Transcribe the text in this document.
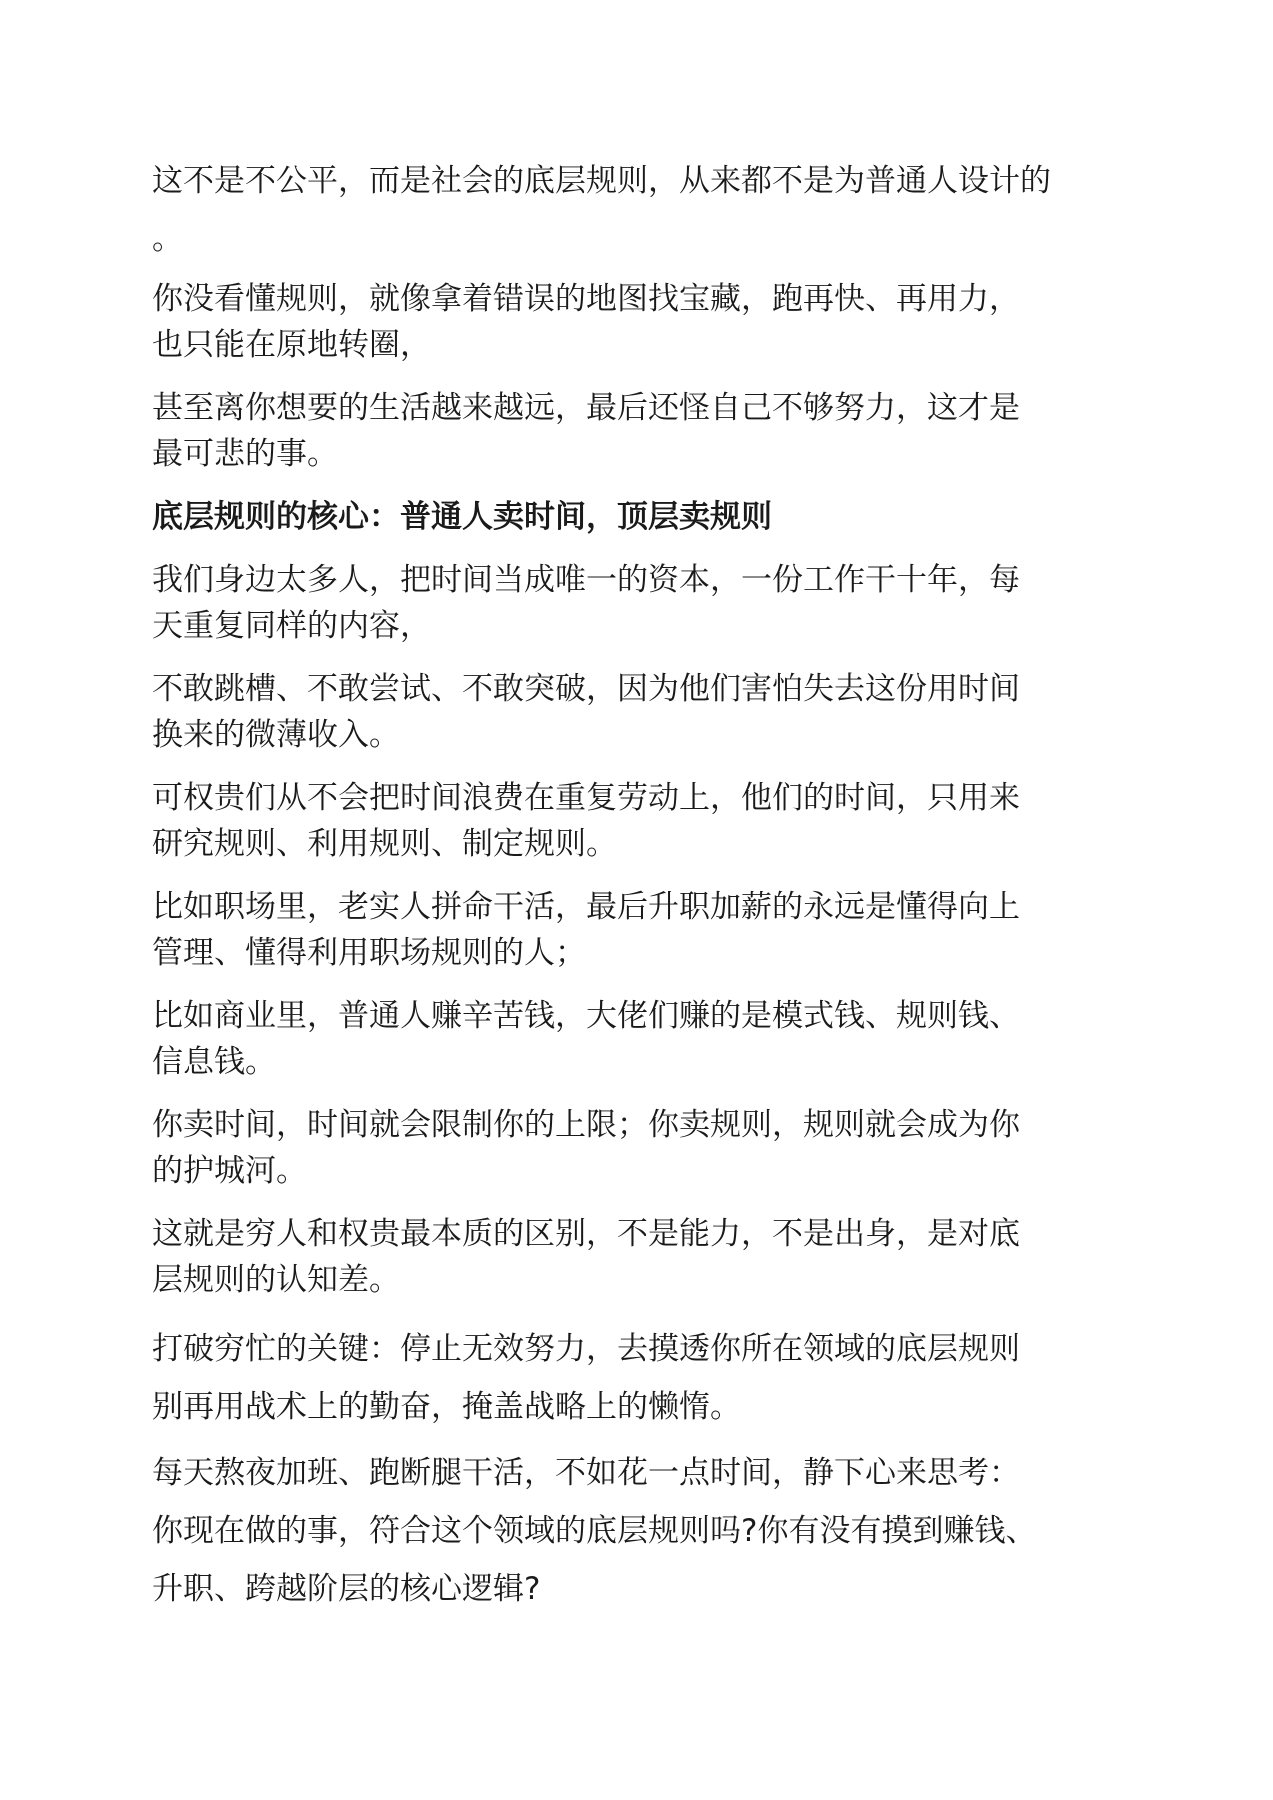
这不是不公平，而是社会的底层规则，从来都不是为普通人设计的
。
你没看懂规则，就像拿着错误的地图找宝藏，跑再快、再用力，
也只能在原地转圈，
甚至离你想要的生活越来越远，最后还怪自己不够努力，这才是
最可悲的事。
底层规则的核心：普通人卖时间，顶层卖规则
我们身边太多人，把时间当成唯一的资本，一份工作干十年，每
天重复同样的内容，
不敢跳槽、不敢尝试、不敢突破，因为他们害怕失去这份用时间
换来的微薄收入。
可权贵们从不会把时间浪费在重复劳动上，他们的时间，只用来
研究规则、利用规则、制定规则。
比如职场里，老实人拼命干活，最后升职加薪的永远是懂得向上
管理、懂得利用职场规则的人；
比如商业里，普通人赚辛苦钱，大佬们赚的是模式钱、规则钱、
信息钱。
你卖时间，时间就会限制你的上限；你卖规则，规则就会成为你
的护城河。
这就是穷人和权贵最本质的区别，不是能力，不是出身，是对底
层规则的认知差。
打破穷忙的关键：停止无效努力，去摸透你所在领域的底层规则
别再用战术上的勤奋，掩盖战略上的懒惰。
每天熬夜加班、跑断腿干活，不如花一点时间，静下心来思考：
你现在做的事，符合这个领域的底层规则吗?你有没有摸到赚钱、
升职、跨越阶层的核心逻辑?
